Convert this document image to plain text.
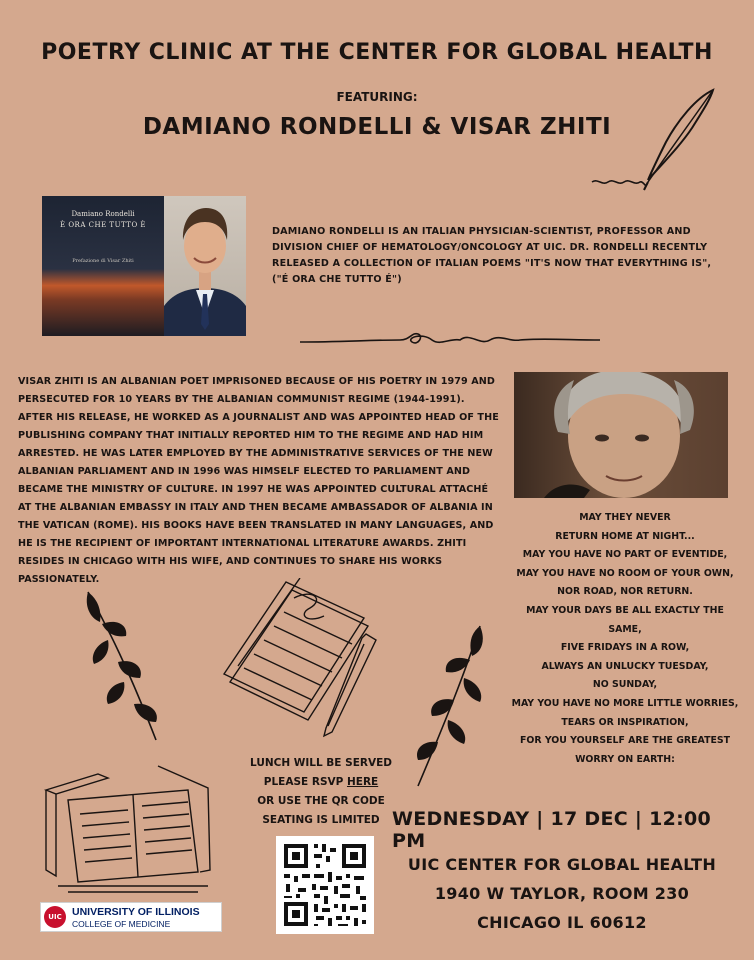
POETRY CLINIC AT THE CENTER FOR GLOBAL HEALTH
FEATURING:
DAMIANO RONDELLI & VISAR ZHITI
Damiano Rondelli
È ORA CHE TUTTO È
Prefazione di Visar Zhiti
DAMIANO RONDELLI IS AN ITALIAN PHYSICIAN-SCIENTIST, PROFESSOR AND DIVISION CHIEF OF HEMATOLOGY/ONCOLOGY AT UIC. DR. RONDELLI RECENTLY RELEASED A COLLECTION OF ITALIAN POEMS "IT'S NOW THAT EVERYTHING IS", ("É ORA CHE TUTTO É")
VISAR ZHITI IS AN ALBANIAN POET IMPRISONED BECAUSE OF HIS POETRY IN 1979 AND PERSECUTED FOR 10 YEARS BY THE ALBANIAN COMMUNIST REGIME (1944-1991). AFTER HIS RELEASE, HE WORKED AS A JOURNALIST AND WAS APPOINTED HEAD OF THE PUBLISHING COMPANY THAT INITIALLY REPORTED HIM TO THE REGIME AND HAD HIM ARRESTED. HE WAS LATER EMPLOYED BY THE ADMINISTRATIVE SERVICES OF THE NEW ALBANIAN PARLIAMENT AND IN 1996 WAS HIMSELF ELECTED TO PARLIAMENT AND BECAME THE MINISTRY OF CULTURE. IN 1997 HE WAS APPOINTED CULTURAL ATTACHÉ AT THE ALBANIAN EMBASSY IN ITALY AND THEN BECAME AMBASSADOR OF ALBANIA IN THE VATICAN (ROME). HIS BOOKS HAVE BEEN TRANSLATED IN MANY LANGUAGES, AND HE IS THE RECIPIENT OF IMPORTANT INTERNATIONAL LITERATURE AWARDS. ZHITI RESIDES IN CHICAGO WITH HIS WIFE, AND CONTINUES TO SHARE HIS WORKS PASSIONATELY.
MAY THEY NEVER
RETURN HOME AT NIGHT...
MAY YOU HAVE NO PART OF EVENTIDE,
MAY YOU HAVE NO ROOM OF YOUR OWN,
NOR ROAD, NOR RETURN.
MAY YOUR DAYS BE ALL EXACTLY THE
SAME,
FIVE FRIDAYS IN A ROW,
ALWAYS AN UNLUCKY TUESDAY,
NO SUNDAY,
MAY YOU HAVE NO MORE LITTLE WORRIES,
TEARS OR INSPIRATION,
FOR YOU YOURSELF ARE THE GREATEST
WORRY ON EARTH:
LUNCH WILL BE SERVED
PLEASE RSVP HERE
OR USE THE QR CODE
SEATING IS LIMITED WEDNESDAY | 17 DEC | 12:00 PM
UIC CENTER FOR GLOBAL HEALTH
1940 W TAYLOR, ROOM 230
CHICAGO IL 60612
UIC UNIVERSITY OF ILLINOIS
COLLEGE OF MEDICINE
